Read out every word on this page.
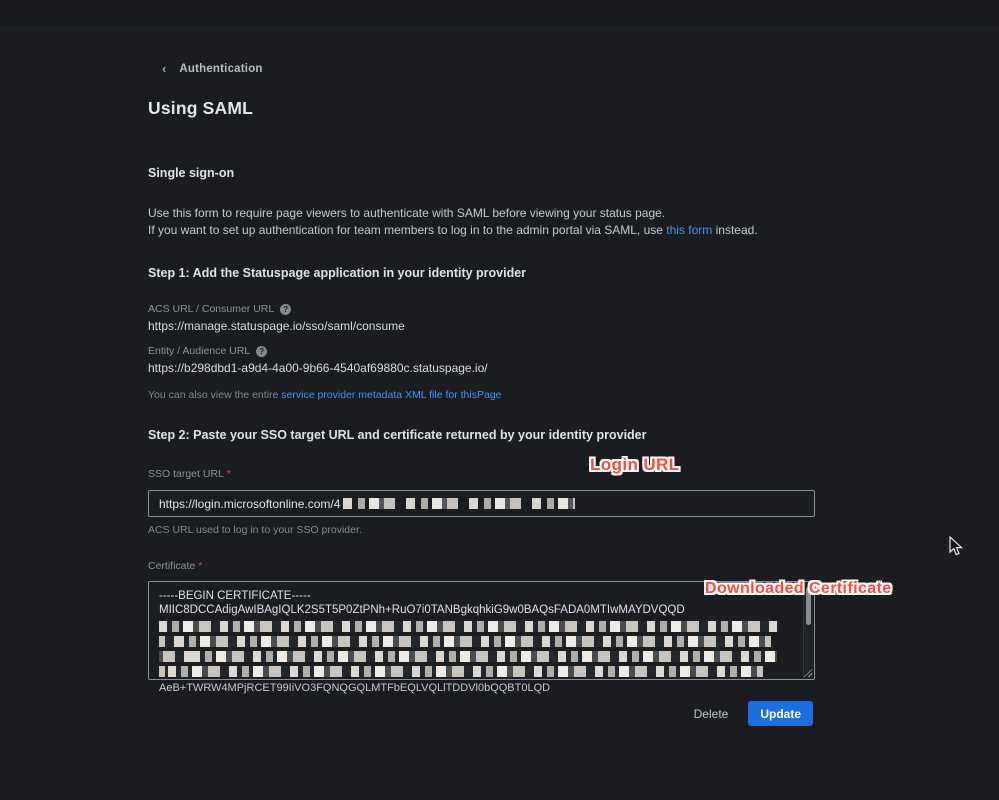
‹ Authentication
Using SAML
Single sign-on
Use this form to require page viewers to authenticate with SAML before viewing your status page.
If you want to set up authentication for team members to log in to the admin portal via SAML, use this form instead.
Step 1: Add the Statuspage application in your identity provider
ACS URL / Consumer URL	?
https://manage.statuspage.io/sso/saml/consume
Entity / Audience URL	?
https://b298dbd1-a9d4-4a00-9b66-4540af69880c.statuspage.io/
You can also view the entire service provider metadata XML file for thisPage
Step 2: Paste your SSO target URL and certificate returned by your identity provider
SSO target URL *
https://login.microsoftonline.com/4
ACS URL used to log in to your SSO provider.
Certificate *
-----BEGIN CERTIFICATE-----
MIIC8DCCAdigAwIBAgIQLK2S5T5P0ZtPNh+RuO7i0TANBgkqhkiG9w0BAQsFADA0MTIwMAYDVQQD
AeB+TWRW4MPjRCET99IiVO3FQNQGQLMTFbEQLVQLlTDDVl0bQQBT0LQD
Delete	Update
Login URL
Downloaded Certificate
